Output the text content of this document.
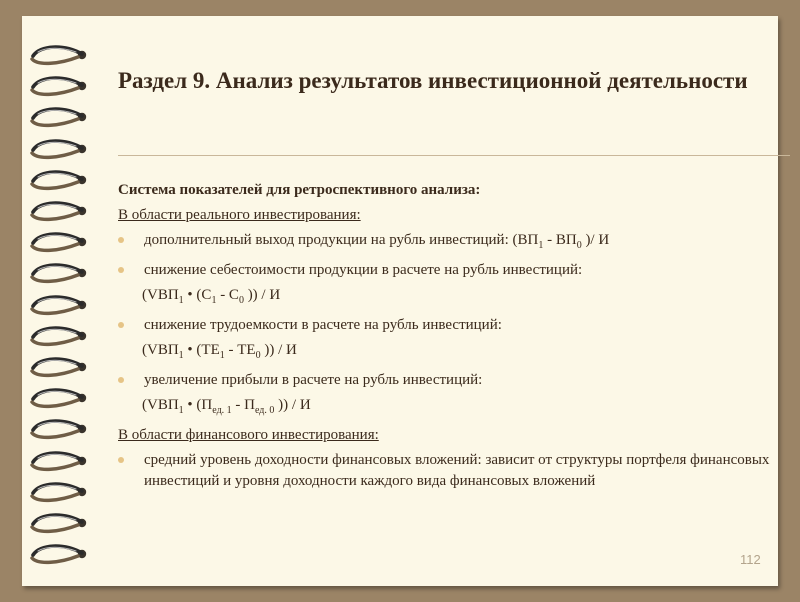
Раздел 9. Анализ результатов инвестиционной деятельности
Система показателей для ретроспективного анализа:
В области реального инвестирования:
дополнительный выход продукции на рубль инвестиций: ($ВП_1 - ВП_0$ )/ И
снижение себестоимости продукции в расчете на рубль инвестиций:
($VВП_1$ • ($С_1 - С_0$ )) / И
снижение трудоемкости в расчете на рубль инвестиций:
($VВП_1$ • ($ТЕ_1 - ТЕ_0$ )) / И
увеличение прибыли в расчете на рубль инвестиций:
($VВП_1$ • ($П_{ед. 1} - П_{ед. 0}$ )) / И
В области финансового инвестирования:
средний уровень доходности финансовых вложений: зависит от структуры портфеля финансовых инвестиций и уровня доходности каждого вида финансовых вложений
112
